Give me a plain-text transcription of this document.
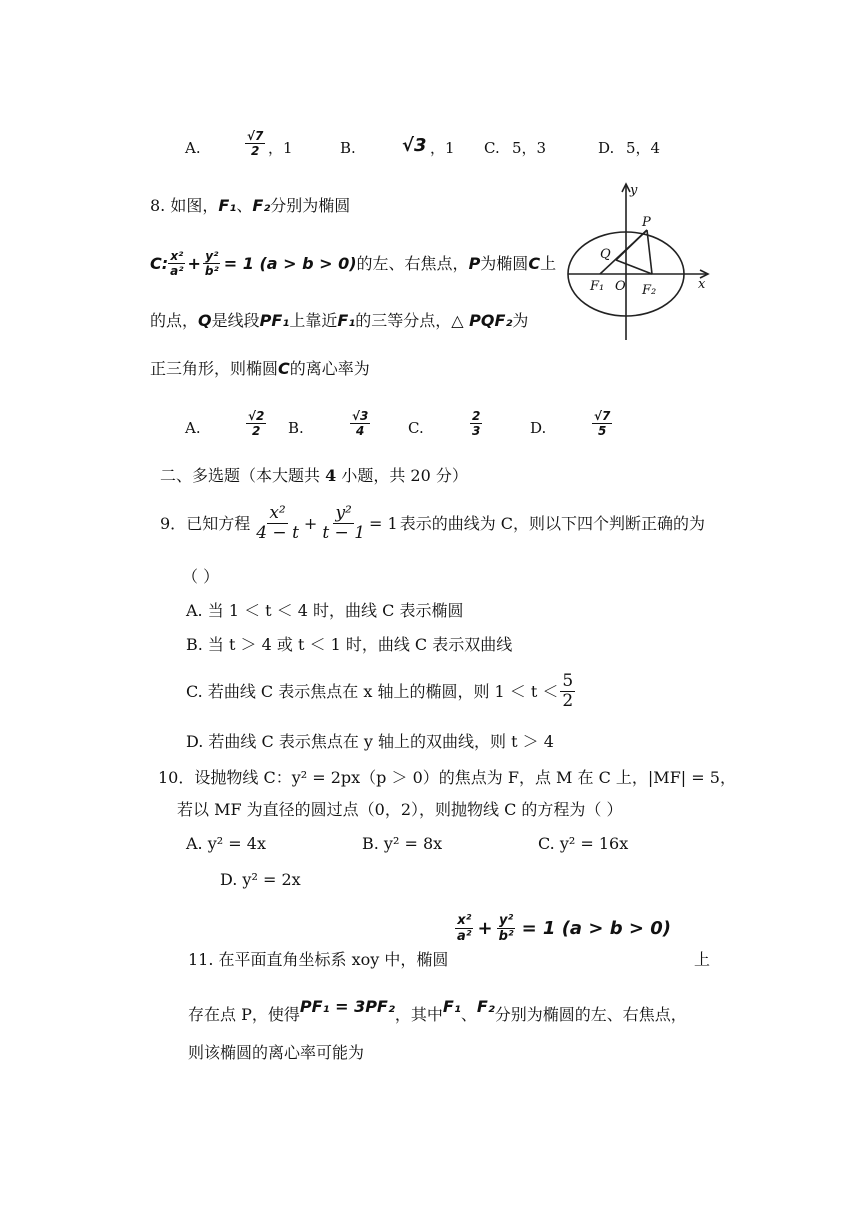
A.	$\frac{√7}{2}$ ，1	B.	√3 ，1 C. 5，3	D. 5，4
8. 如图，F₁、F₂分别为椭圆
C: $\frac{\text{x²}}{\text{a²}} + \frac{\text{y²}}{\text{b²}} = 1$ (a > b > 0) 的左、右焦点， P 为椭圆 C 上
的点，Q是线段PF₁上靠近F₁的三等分点，△ PQF₂为
正三角形，则椭圆C的离心率为
y
x
P
Q
F₁ O F₂
A.	$\frac{√2}{2} B$.	$\frac{√3}{4}$	C.	$\frac{2}{3}$	D.	$\frac{√7}{5}$
二、多选题（本大题共 4 小题，共 20 分）
9． 已知方程 $\frac{\text{x²}}{4 - t} + \frac{\text{y²}}{t - 1} = 1$ 表示的曲线为 C，则以下四个判断正确的为
（ ）
A. 当 1 ＜ t ＜ 4 时，曲线 C 表示椭圆
B. 当 t ＞ 4 或 t ＜ 1 时，曲线 C 表示双曲线
C. 若曲线 C 表示焦点在 x 轴上的椭圆，则 $1 < t < \frac{5}{2}$
D. 若曲线 C 表示焦点在 y 轴上的双曲线，则 t ＞ 4
10．设抛物线 C：y² = 2px（p ＞ 0）的焦点为 F，点 M 在 C 上，|MF| = 5，
若以 MF 为直径的圆过点（0，2），则抛物线 C 的方程为（ ）
A. y² = 4x	B. y² = 8x	C. y² = 16x
D. y² = 2x
$\frac{\text{x²}}{\text{a²}} + \frac{\text{y²}}{\text{b²}} = 1$ (a > b > 0)
11. 在平面直角坐标系 xoy 中，椭圆	上
存在点 P，使得 PF₁ = 3PF₂ ，其中 F₁ 、 F₂ 分别为椭圆的左、右焦点，
则该椭圆的离心率可能为
